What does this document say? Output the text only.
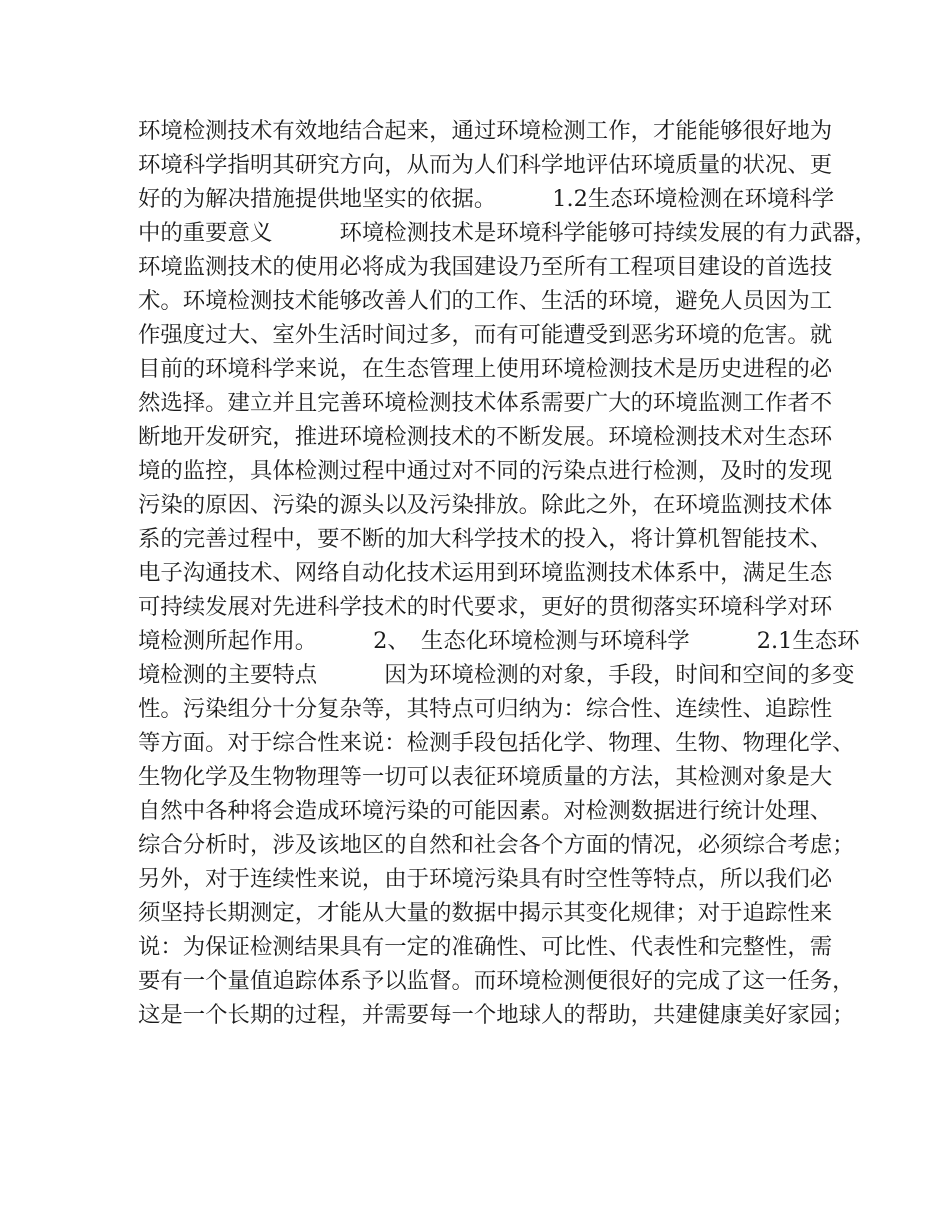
环境检测技术有效地结合起来，通过环境检测工作，才能能够很好地为
环境科学指明其研究方向，从而为人们科学地评估环境质量的状况、更
好的为解决措施提供地坚实的依据。　　　1.2生态环境检测在环境科学
中的重要意义　　　环境检测技术是环境科学能够可持续发展的有力武器，
环境监测技术的使用必将成为我国建设乃至所有工程项目建设的首选技
术。环境检测技术能够改善人们的工作、生活的环境，避免人员因为工
作强度过大、室外生活时间过多，而有可能遭受到恶劣环境的危害。就
目前的环境科学来说，在生态管理上使用环境检测技术是历史进程的必
然选择。建立并且完善环境检测技术体系需要广大的环境监测工作者不
断地开发研究，推进环境检测技术的不断发展。环境检测技术对生态环
境的监控，具体检测过程中通过对不同的污染点进行检测，及时的发现
污染的原因、污染的源头以及污染排放。除此之外，在环境监测技术体
系的完善过程中，要不断的加大科学技术的投入，将计算机智能技术、
电子沟通技术、网络自动化技术运用到环境监测技术体系中，满足生态
可持续发展对先进科学技术的时代要求，更好的贯彻落实环境科学对环
境检测所起作用。　　　2、　生态化环境检测与环境科学　　　2.1生态环
境检测的主要特点　　　因为环境检测的对象，手段，时间和空间的多变
性。污染组分十分复杂等，其特点可归纳为：综合性、连续性、追踪性
等方面。对于综合性来说：检测手段包括化学、物理、生物、物理化学、
生物化学及生物物理等一切可以表征环境质量的方法，其检测对象是大
自然中各种将会造成环境污染的可能因素。对检测数据进行统计处理、
综合分析时，涉及该地区的自然和社会各个方面的情况，必须综合考虑；
另外，对于连续性来说，由于环境污染具有时空性等特点，所以我们必
须坚持长期测定，才能从大量的数据中揭示其变化规律；对于追踪性来
说：为保证检测结果具有一定的准确性、可比性、代表性和完整性，需
要有一个量值追踪体系予以监督。而环境检测便很好的完成了这一任务，
这是一个长期的过程，并需要每一个地球人的帮助，共建健康美好家园；
